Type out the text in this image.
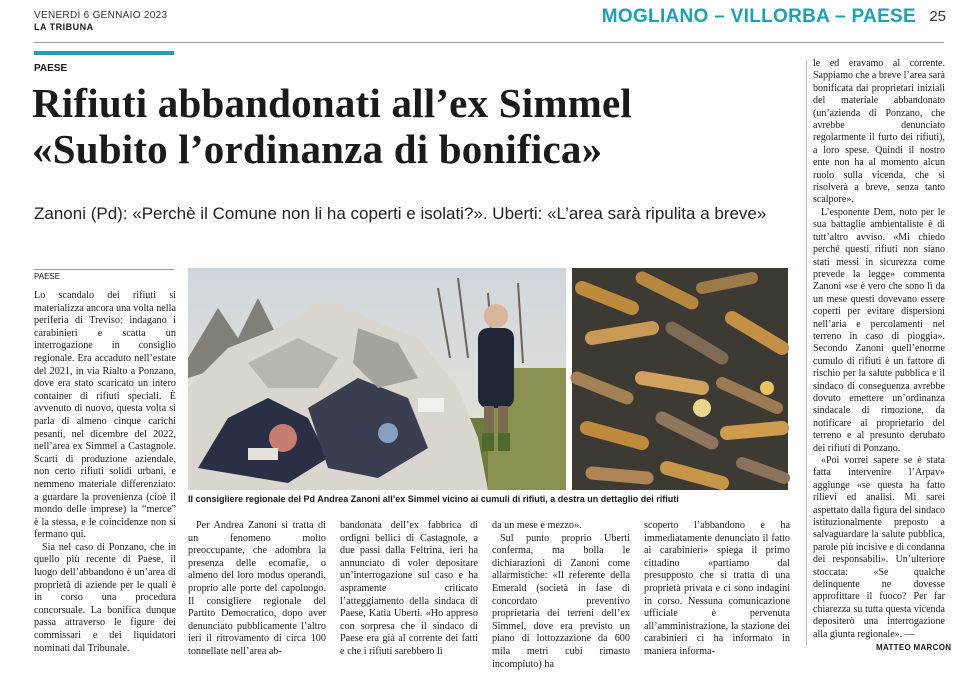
VENERDÌ 6 GENNAIO 2023
LA TRIBUNA	MOGLIANO – VILLORBA – PAESE 25
PAESE
Rifiuti abbandonati all’ex Simmel
«Subito l’ordinanza di bonifica»
Zanoni (Pd): «Perchè il Comune non li ha coperti e isolati?». Uberti: «L’area sarà ripulita a breve»
PAESE

Lo scandalo dei rifiuti si materializza ancora una volta nella periferia di Treviso: indagano i carabinieri e scatta un interrogazione in consiglio regionale. Era accaduto nell’estate del 2021, in via Rialto a Ponzano, dove era stato scaricato un intero container di rifiuti speciali. È avvenuto di nuovo, questa volta si parla di almeno cinque carichi pesanti, nel dicembre del 2022, nell’area ex Simmel a Castagnole. Scarti di produzione aziendale, non certo rifiuti solidi urbani, e nemmeno materiale differenziato: a guardare la provenienza (cioè il mondo delle imprese) la “merce” è la stessa, e le coincidenze non si fermano qui.

Sia nel caso di Ponzano, che in quello più recente di Paese, il luogo dell’abbandono è un’area di proprietà di aziende per le quali è in corso una procedura concorsuale. La bonifica dunque passa attraverso le figure dei commissari e dei liquidatori nominati dal Tribunale.

Il consigliere regionale del Pd Andrea Zanoni all’ex Simmel vicino ai cumuli di rifiuti, a destra un dettaglio dei rifiuti

Per Andrea Zanoni si tratta di un fenomeno molto preoccupante, che adombra la presenza delle ecomafie, o almeno del loro modus operandi, proprio alle porte del capoluogo. Il consigliere regionale del Partito Democratico, dopo aver denunciato pubblicamente l’altro ieri il ritrovamento di circa 100 tonnellate nell’area ab-

bandonata dell’ex fabbrica di ordigni bellici di Castagnole, a due passi dalla Feltrina, ieri ha annunciato di voler depositare un’interrogazione sul caso e ha aspramente criticato l’atteggiamento della sindaca di Paese, Katia Uberti. «Ho appreso con sorpresa che il sindaco di Paese era già al corrente dei fatti e che i rifiuti sarebbero lì

da un mese e mezzo».

Sul punto proprio Uberti conferma, ma bolla le dichiarazioni di Zanoni come allarmistiche: «Il referente della Emerald (società in fase di concordato preventivo proprietaria dei terreni dell’ex Simmel, dove era previsto un piano di lottozzazione da 600 mila metri cubi rimasto incompiuto) ha

scoperto l’abbandono e ha immediatamente denunciato il fatto ai carabinieri» spiega il primo cittadino «partiamo dal presupposto che si tratta di una proprietà privata e ci sono indagini in corso. Nessuna comunicazione ufficiale è pervenuta all’amministrazione, la stazione dei carabinieri ci ha informato in maniera informa-

le ed eravamo al corrente. Sappiamo che a breve l’area sarà bonificata dai proprietari iniziali del materiale abbandonato (un’azienda di Ponzano, che avrebbe denunciato regolarmente il furto dei rifiuti), a loro spese. Quindi il nostro ente non ha al momento alcun ruolo sulla vicenda, che si risolverà a breve, senza tanto scalpore».

L’esponente Dem, noto per le sua battaglie ambientaliste è di tutt’altro avviso. «Mi chiedo perché questi rifiuti non siano stati messi in sicurezza come prevede la legge» commenta Zanoni «se è vero che sono lì da un mese questi dovevano essere coperti per evitare dispersioni nell’aria e percolamenti nel terreno in caso di pioggia». Secondo Zanoni quell’enorme cumulo di rifiuti è un fattore di rischio per la salute pubblica e il sindaco di conseguenza avrebbe dovuto emettere un’ordinanza sindacale di rimozione, da notificare al proprietario del terreno e al presunto derubato dei rifiuti di Ponzano.

«Poi vorrei sapere se è stata fatta intervenire l’Arpav» aggiunge «se questa ha fatto rilievi ed analisi. Mi sarei aspettato dalla figura del sindaco istituzionalmente preposto a salvaguardare la salute pubblica, parole più incisive e di condanna dei responsabili». Un’ulteriore stoccata: «Se qualche delinquente ne dovesse approfittare il fuoco? Per far chiarezza su tutta questa vicenda depositerò una interrogazione alla giunta regionale». —

MATTEO MARCON
